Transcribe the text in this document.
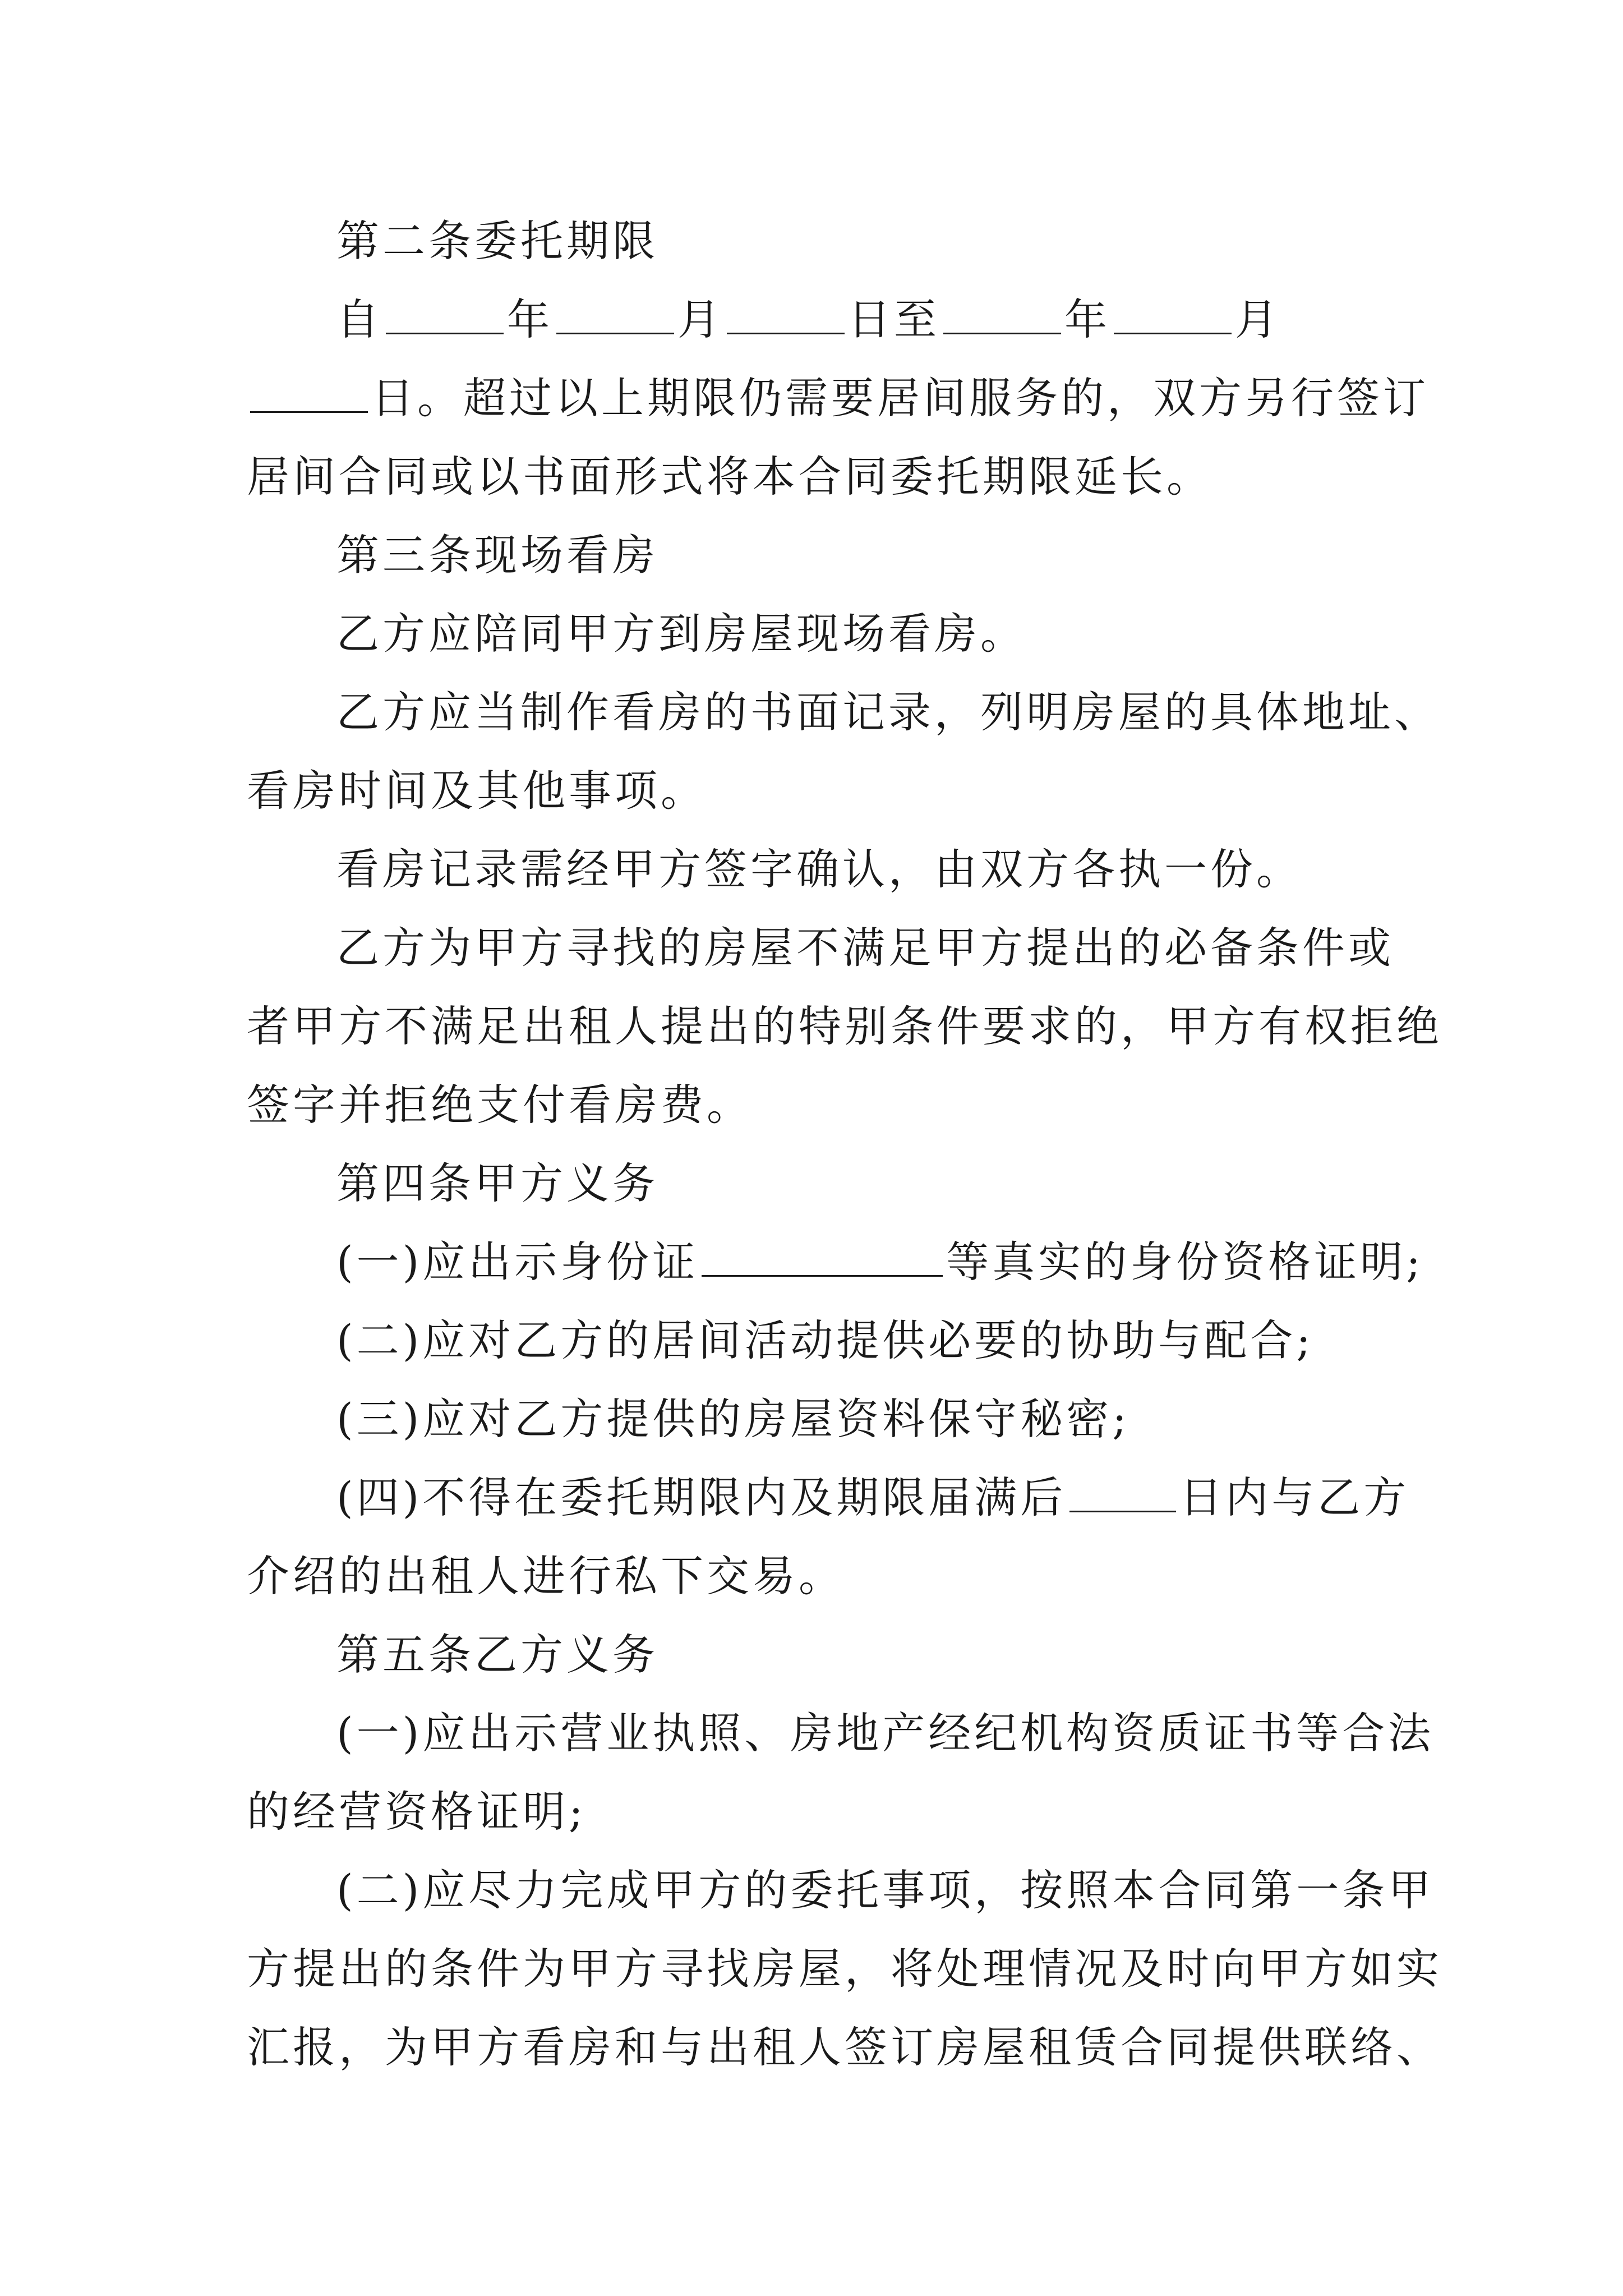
第二条委托期限
自	年	月	日至	年	月
日。超过以上期限仍需要居间服务的，双方另行签订
居间合同或以书面形式将本合同委托期限延长。
第三条现场看房
乙方应陪同甲方到房屋现场看房。
乙方应当制作看房的书面记录，列明房屋的具体地址、
看房时间及其他事项。
看房记录需经甲方签字确认，由双方各执一份。
乙方为甲方寻找的房屋不满足甲方提出的必备条件或
者甲方不满足出租人提出的特别条件要求的，甲方有权拒绝
签字并拒绝支付看房费。
第四条甲方义务
(一)应出示身份证	等真实的身份资格证明;
(二)应对乙方的居间活动提供必要的协助与配合;
(三)应对乙方提供的房屋资料保守秘密;
(四)不得在委托期限内及期限届满后	日内与乙方
介绍的出租人进行私下交易。
第五条乙方义务
(一)应出示营业执照、房地产经纪机构资质证书等合法
的经营资格证明;
(二)应尽力完成甲方的委托事项，按照本合同第一条甲
方提出的条件为甲方寻找房屋，将处理情况及时向甲方如实
汇报，为甲方看房和与出租人签订房屋租赁合同提供联络、
